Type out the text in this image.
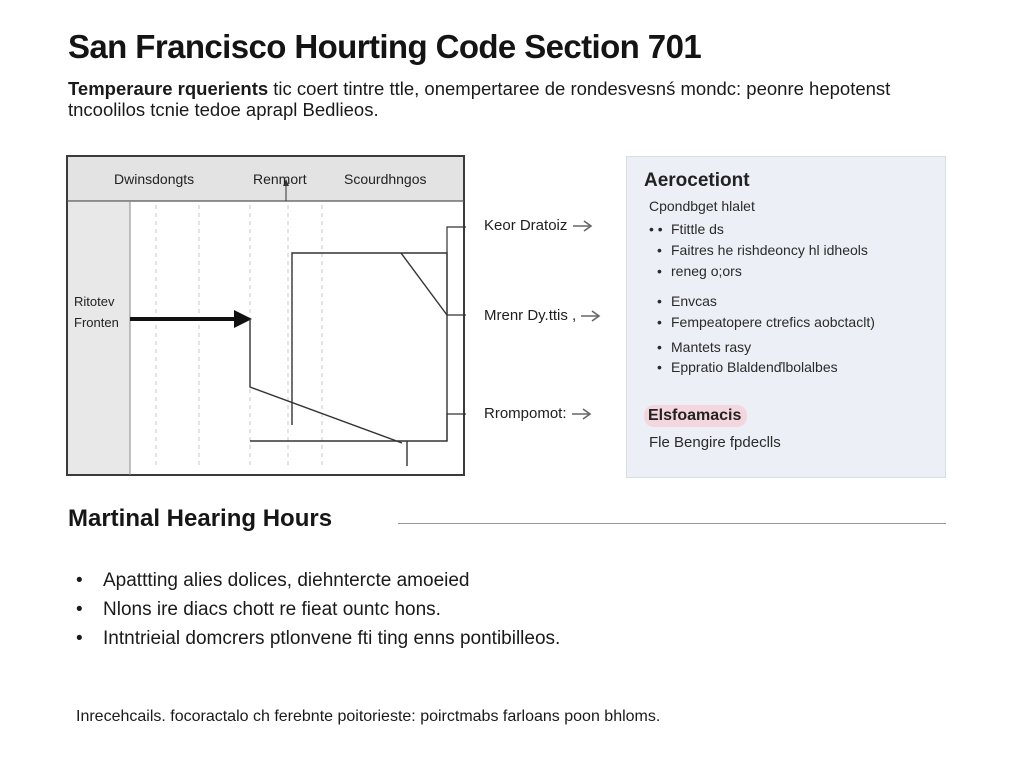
San Francisco Hourting Code Section 701
Temperaure rquerients tic coert tintre ttle, onempertaree de rondesvesnś mondc: peonre hepotenst tncoolilos tcnie tedoe aprapl Bedlieos.
Dwinsdongts	Renmort	Scourdhngos
Ritotev
Fronten
Keor Dratoiz
Mrenr Dy.ttis ,
Rrompomot:
Aerocetiont
Cpondbget hlalet
• • Ftittle ds
• Faitres he rishdeoncy hl idheols
• reneg o;ors
• Envcas
• Fempeatopere ctrefics aobctaclt)
• Mantets rasy
• Eppratio Blaldenďlbolalbes
Elsfoamacis
Fle Bengire fpdeclls
Martinal Hearing Hours
• Apattting alies dolices, diehntercte amoeied
• Nlons ire diacs chott re fieat ountc hons.
• Intntrieial domcrers ptlonvene fti ting enns pontibilleos.
Inrecehcails. focoractalo ch ferebnte poitorieste: poirctmabs farloans poon bhloms.
